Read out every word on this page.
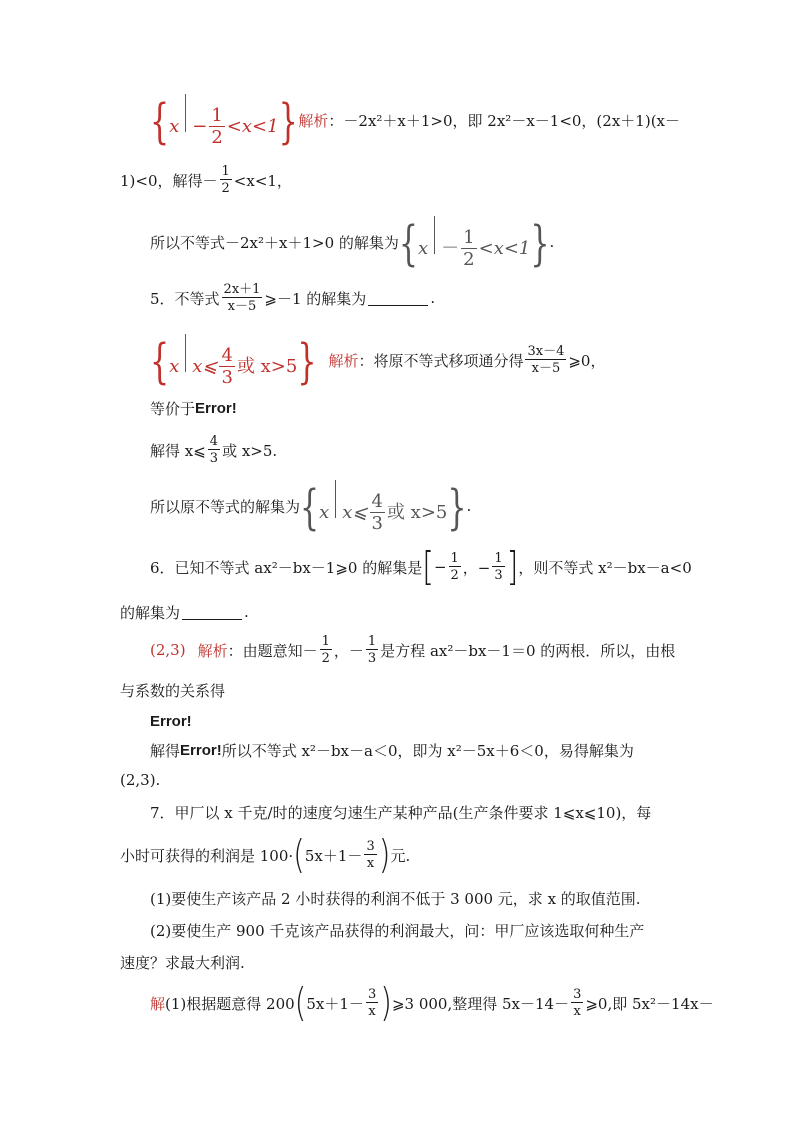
$\{x - \frac{1}{2} <x<1\}$ 解析 ：－2x²＋x＋1>0，即 2x²－x－1<0，(2x＋1)(x－
1)<0，解得－ $\frac{1}{2} <x<1$，
所以不等式－2x²＋x＋1>0 的解集为 $\{x - \frac{1}{2} <x<1\}$ .
5．不等式 $\frac{2x+1}{x-5}$ ⩾－1 的解集为	.
{x x⩽ $\frac{4}{3}$ 或 x>5} 解析 ：将原不等式移项通分得 $\frac{3x-4}{x-5}$ ⩾0，
等价于 Error!
解得 x⩽ $\frac{4}{3}$ 或 x>5.
所以原不等式的解集为 {x x⩽ $\frac{4}{3}$ 或 x>5} .
6．已知不等式 ax²－bx－1⩾0 的解集是 [ − $\frac{1}{2}$ ，− $\frac{1}{3}$ ] ，则不等式 x²－bx－a<0
的解集为	.
(2,3) 解析 ：由题意知－ $\frac{1}{2}$ ，－ $\frac{1}{3}$ 是方程 ax²－bx－1＝0 的两根．所以，由根
与系数的关系得
Error!
解得 Error! 所以不等式 x²－bx－a＜0，即为 x²－5x＋6＜0，易得解集为
(2,3).
7．甲厂以 x 千克/时的速度匀速生产某种产品(生产条件要求 1⩽x⩽10)，每
小时可获得的利润是 100· ( $5x+1- \frac{3}{x}$ ) 元.
(1)要使生产该产品 2 小时获得的利润不低于 3 000 元，求 x 的取值范围.
(2)要使生产 900 千克该产品获得的利润最大，问：甲厂应该选取何种生产
速度？求最大利润.
解 (1)根据题意得 200 ( $5x+1- \frac{3}{x}$ ) ⩾3 000,整理得 $5x-14- \frac{3}{x}$ ⩾0,即 5x²－14x－
